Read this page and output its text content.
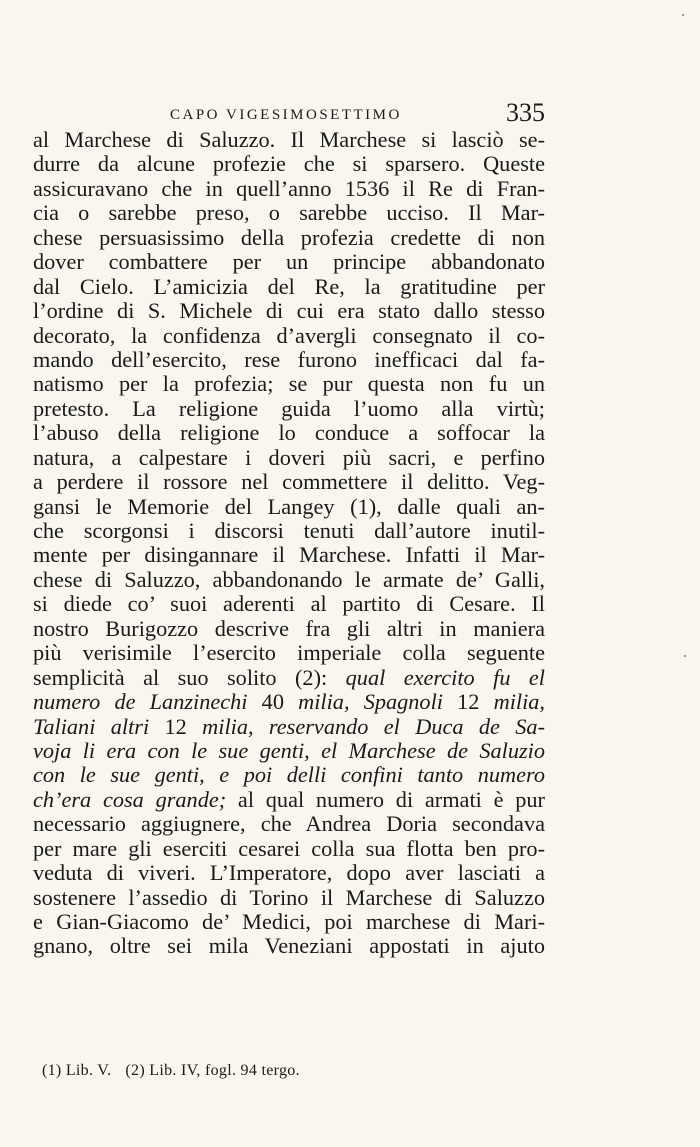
CAPO VIGESIMOSETTIMO	335
al Marchese di Saluzzo. Il Marchese si lasciò se-
durre da alcune profezie che si sparsero. Queste
assicuravano che in quell’anno 1536 il Re di Fran-
cia o sarebbe preso, o sarebbe ucciso. Il Mar-
chese persuasissimo della profezia credette di non
dover combattere per un principe abbandonato
dal Cielo. L’amicizia del Re, la gratitudine per
l’ordine di S. Michele di cui era stato dallo stesso
decorato, la confidenza d’avergli consegnato il co-
mando dell’esercito, rese furono inefficaci dal fa-
natismo per la profezia; se pur questa non fu un
pretesto. La religione guida l’uomo alla virtù;
l’abuso della religione lo conduce a soffocar la
natura, a calpestare i doveri più sacri, e perfino
a perdere il rossore nel commettere il delitto. Veg-
gansi le Memorie del Langey (1), dalle quali an-
che scorgonsi i discorsi tenuti dall’autore inutil-
mente per disingannare il Marchese. Infatti il Mar-
chese di Saluzzo, abbandonando le armate de’ Galli,
si diede co’ suoi aderenti al partito di Cesare. Il
nostro Burigozzo descrive fra gli altri in maniera
più verisimile l’esercito imperiale colla seguente
semplicità al suo solito (2): qual exercito fu el
numero de Lanzinechi 40 milia, Spagnoli 12 milia,
Taliani altri 12 milia, reservando el Duca de Sa-
voja li era con le sue genti, el Marchese de Saluzio
con le sue genti, e poi delli confini tanto numero
ch’era cosa grande; al qual numero di armati è pur
necessario aggiugnere, che Andrea Doria secondava
per mare gli eserciti cesarei colla sua flotta ben pro-
veduta di viveri. L’Imperatore, dopo aver lasciati a
sostenere l’assedio di Torino il Marchese di Saluzzo
e Gian-Giacomo de’ Medici, poi marchese di Mari-
gnano, oltre sei mila Veneziani appostati in ajuto
(1) Lib. V. (2) Lib. IV, fogl. 94 tergo.
